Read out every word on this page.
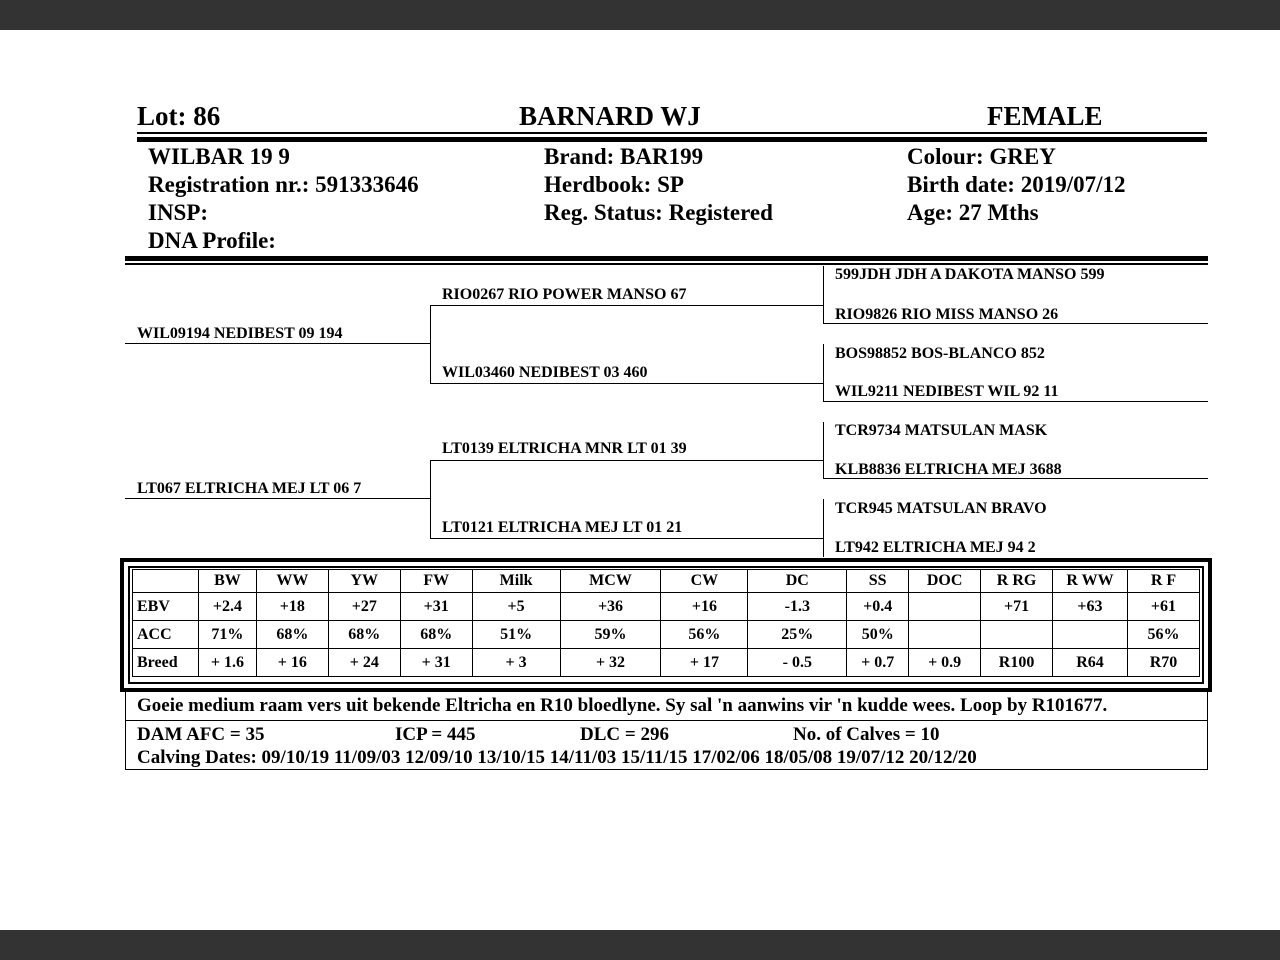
Lot: 86	BARNARD WJ	FEMALE
WILBAR 19 9
Registration nr.: 591333646
INSP:
DNA Profile:
Brand: BAR199
Herdbook: SP
Reg. Status: Registered
Colour: GREY
Birth date: 2019/07/12
Age: 27 Mths
WIL09194 NEDIBEST 09 194
LT067 ELTRICHA MEJ LT 06 7
RIO0267 RIO POWER MANSO 67
WIL03460 NEDIBEST 03 460
LT0139 ELTRICHA MNR LT 01 39
LT0121 ELTRICHA MEJ LT 01 21
599JDH JDH A DAKOTA MANSO 599
RIO9826 RIO MISS MANSO 26
BOS98852 BOS-BLANCO 852
WIL9211 NEDIBEST WIL 92 11
TCR9734 MATSULAN MASK
KLB8836 ELTRICHA MEJ 3688
TCR945 MATSULAN BRAVO
LT942 ELTRICHA MEJ 94 2
	BW	WW	YW	FW	Milk	MCW	CW	DC	SS	DOC	R RG	R WW	R F
EBV	+2.4	+18	+27	+31	+5	+36	+16	-1.3	+0.4		+71	+63	+61
ACC	71%	68%	68%	68%	51%	59%	56%	25%	50%				56%
Breed	+ 1.6	+ 16	+ 24	+ 31	+ 3	+ 32	+ 17	- 0.5	+ 0.7	+ 0.9	R100	R64	R70
Goeie medium raam vers uit bekende Eltricha en R10 bloedlyne. Sy sal 'n aanwins vir 'n kudde wees. Loop by R101677.
DAM AFC = 35	ICP = 445	DLC = 296	No. of Calves = 10
Calving Dates: 09/10/19 11/09/03 12/09/10 13/10/15 14/11/03 15/11/15 17/02/06 18/05/08 19/07/12 20/12/20
